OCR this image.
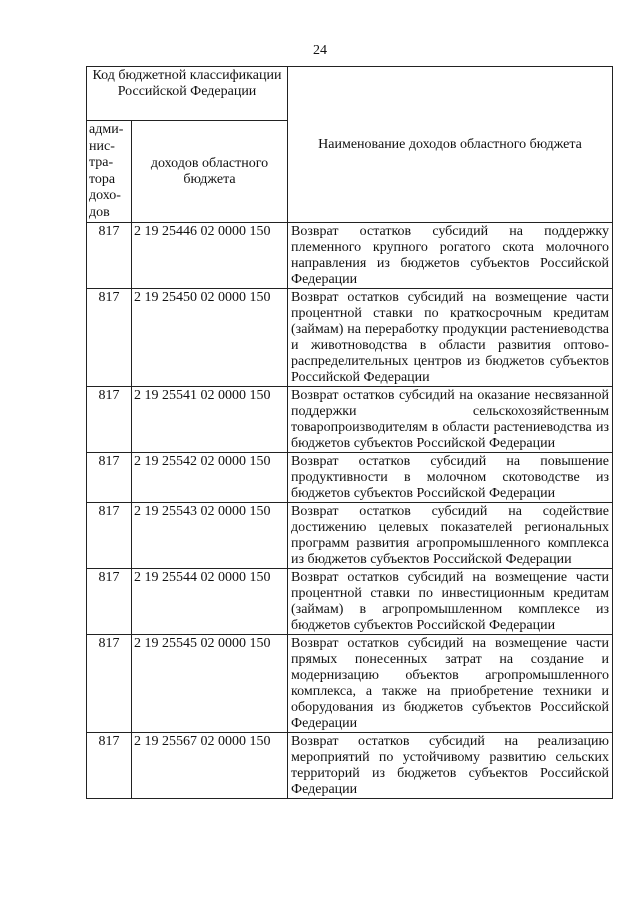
24
Код бюджетной классификации Российской Федерации		Наименование доходов областного бюджета
адми-нис-тра-тора дохо-дов	доходов областного бюджета	
817	2 19 25446 02 0000 150	Возврат остатков субсидий на поддержку племенного крупного рогатого скота молочного направления из бюджетов субъектов Российской Федерации
817	2 19 25450 02 0000 150	Возврат остатков субсидий на возмещение части процентной ставки по краткосрочным кредитам (займам) на переработку продукции растениеводства и животноводства в области развития оптово-распределительных центров из бюджетов субъектов Российской Федерации
817	2 19 25541 02 0000 150	Возврат остатков субсидий на оказание несвязанной поддержки сельскохозяйственным товаропроизводителям в области растениеводства из бюджетов субъектов Российской Федерации
817	2 19 25542 02 0000 150	Возврат остатков субсидий на повышение продуктивности в молочном скотоводстве из бюджетов субъектов Российской Федерации
817	2 19 25543 02 0000 150	Возврат остатков субсидий на содействие достижению целевых показателей региональных программ развития агропромышленного комплекса из бюджетов субъектов Российской Федерации
817	2 19 25544 02 0000 150	Возврат остатков субсидий на возмещение части процентной ставки по инвестиционным кредитам (займам) в агропромышленном комплексе из бюджетов субъектов Российской Федерации
817	2 19 25545 02 0000 150	Возврат остатков субсидий на возмещение части прямых понесенных затрат на создание и модернизацию объектов агропромышленного комплекса, а также на приобретение техники и оборудования из бюджетов субъектов Российской Федерации
817	2 19 25567 02 0000 150	Возврат остатков субсидий на реализацию мероприятий по устойчивому развитию сельских территорий из бюджетов субъектов Российской Федерации
